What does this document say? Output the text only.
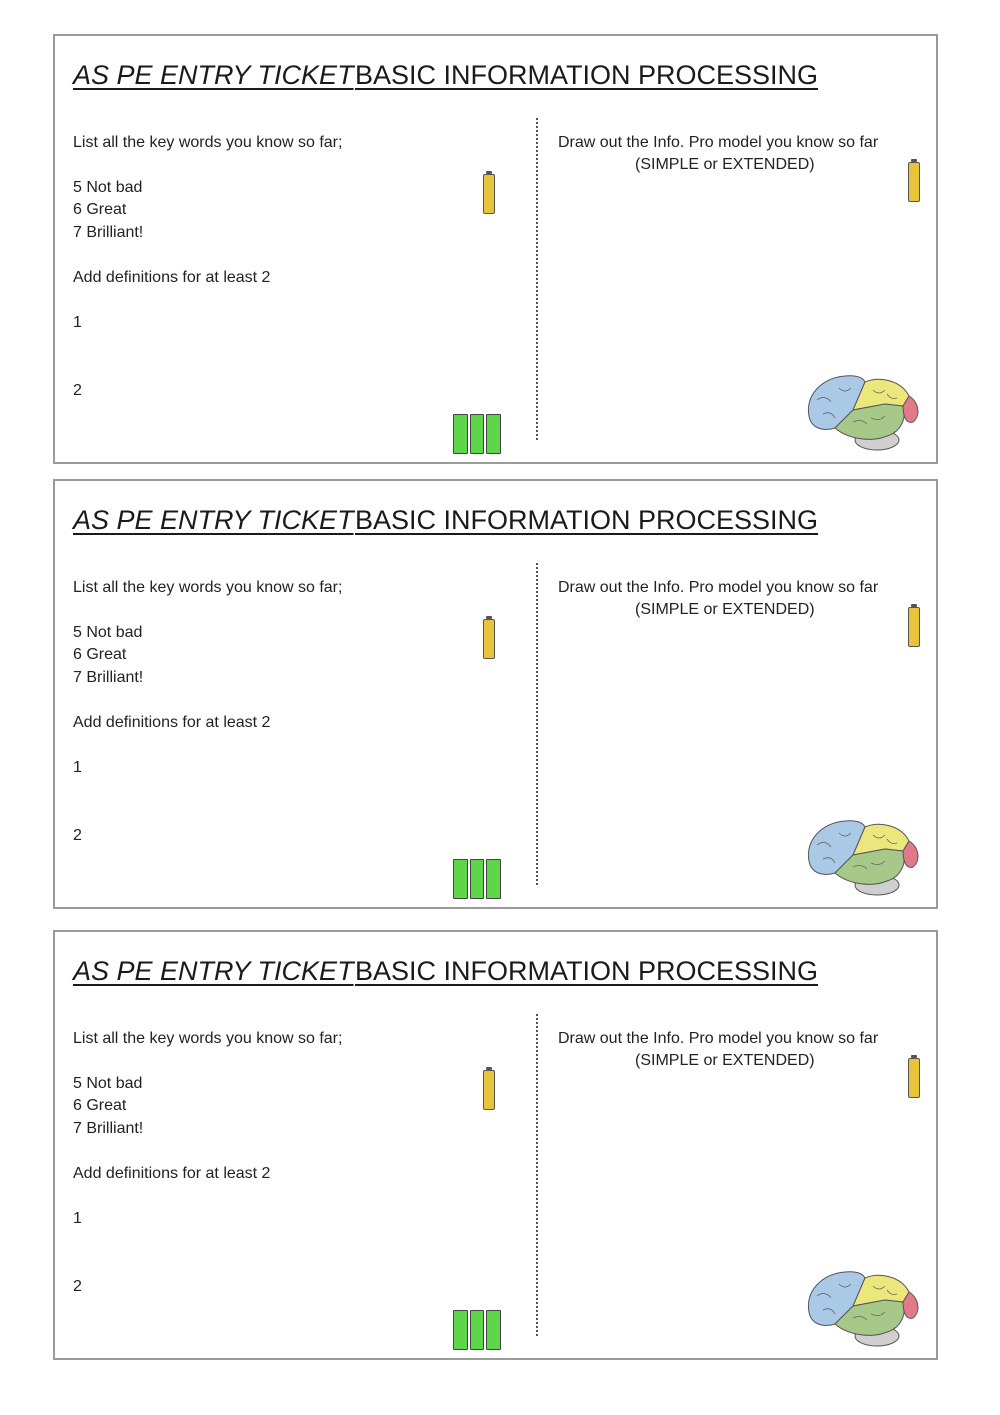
AS PE ENTRY TICKET BASIC INFORMATION PROCESSING
List all the key words you know so far;
5 Not bad
6 Great
7 Brilliant!
Add definitions for at least 2
1
2
Draw out the Info. Pro model you know so far
(SIMPLE or EXTENDED)
AS PE ENTRY TICKET BASIC INFORMATION PROCESSING
List all the key words you know so far;
5 Not bad
6 Great
7 Brilliant!
Add definitions for at least 2
1
2
Draw out the Info. Pro model you know so far
(SIMPLE or EXTENDED)
AS PE ENTRY TICKET BASIC INFORMATION PROCESSING
List all the key words you know so far;
5 Not bad
6 Great
7 Brilliant!
Add definitions for at least 2
1
2
Draw out the Info. Pro model you know so far
(SIMPLE or EXTENDED)
